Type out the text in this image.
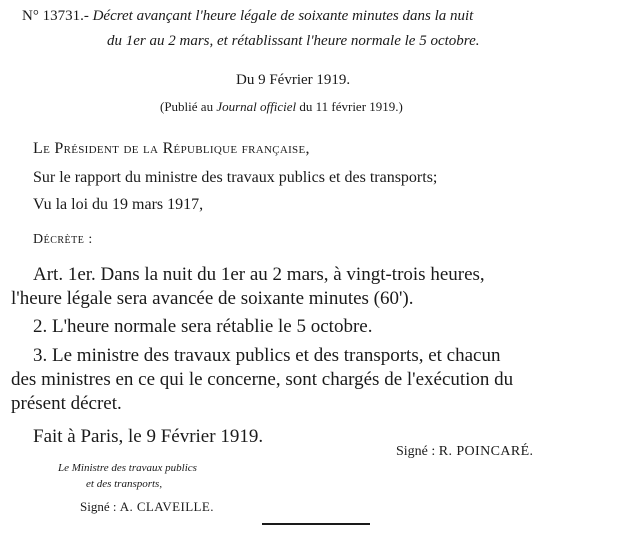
N° 13731.- Décret avançant l'heure légale de soixante minutes dans la nuit
du 1er au 2 mars, et rétablissant l'heure normale le 5 octobre.
Du 9 Février 1919.
(Publié au Journal officiel du 11 février 1919.)
Le Président de la République française,
Sur le rapport du ministre des travaux publics et des transports;
Vu la loi du 19 mars 1917,
Décrète :
Art. 1er. Dans la nuit du 1er au 2 mars, à vingt-trois heures,
l'heure légale sera avancée de soixante minutes (60').
2. L'heure normale sera rétablie le 5 octobre.
3. Le ministre des travaux publics et des transports, et chacun
des ministres en ce qui le concerne, sont chargés de l'exécution du
présent décret.
Fait à Paris, le 9 Février 1919.
Signé : R. POINCARÉ.
Le Ministre des travaux publics
et des transports,
Signé : A. CLAVEILLE.
